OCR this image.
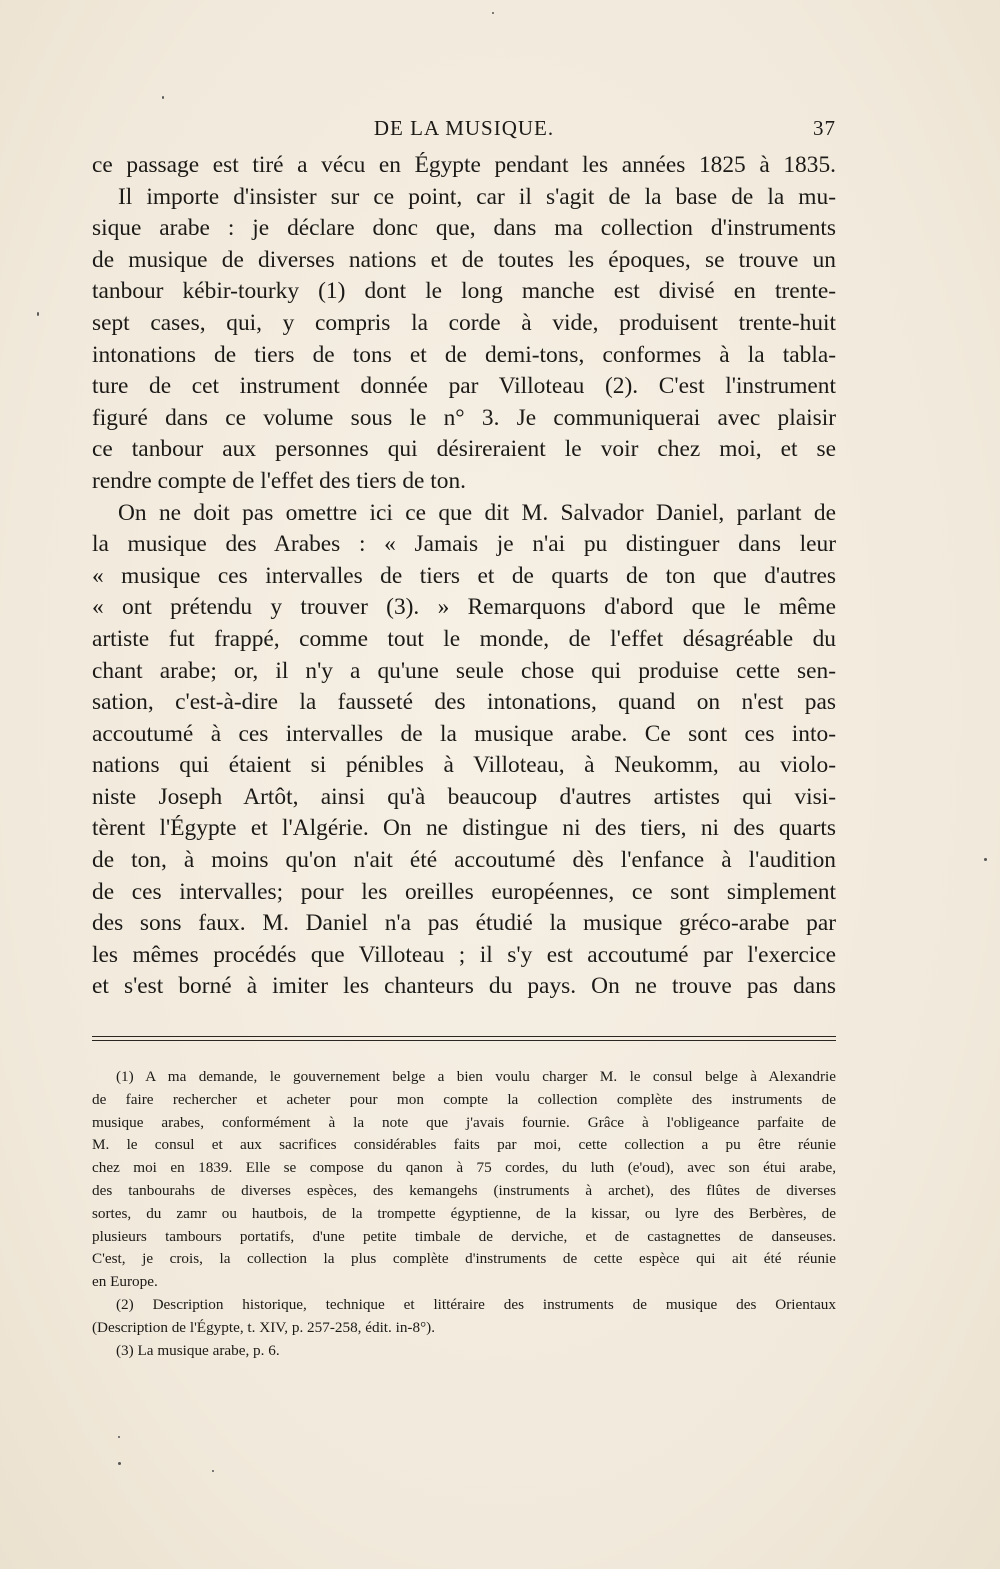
DE LA MUSIQUE.	37

ce passage est tiré a vécu en Égypte pendant les années 1825 à 1835.

Il importe d'insister sur ce point, car il s'agit de la base de la mu-

sique arabe : je déclare donc que, dans ma collection d'instruments

de musique de diverses nations et de toutes les époques, se trouve un

tanbour kébir-tourky (1) dont le long manche est divisé en trente-

sept cases, qui, y compris la corde à vide, produisent trente-huit

intonations de tiers de tons et de demi-tons, conformes à la tabla-

ture de cet instrument donnée par Villoteau (2). C'est l'instrument

figuré dans ce volume sous le n° 3. Je communiquerai avec plaisir

ce tanbour aux personnes qui désireraient le voir chez moi, et se

rendre compte de l'effet des tiers de ton.

On ne doit pas omettre ici ce que dit M. Salvador Daniel, parlant de

la musique des Arabes : « Jamais je n'ai pu distinguer dans leur

« musique ces intervalles de tiers et de quarts de ton que d'autres

« ont prétendu y trouver (3). » Remarquons d'abord que le même

artiste fut frappé, comme tout le monde, de l'effet désagréable du

chant arabe; or, il n'y a qu'une seule chose qui produise cette sen-

sation, c'est-à-dire la fausseté des intonations, quand on n'est pas

accoutumé à ces intervalles de la musique arabe. Ce sont ces into-

nations qui étaient si pénibles à Villoteau, à Neukomm, au violo-

niste Joseph Artôt, ainsi qu'à beaucoup d'autres artistes qui visi-

tèrent l'Égypte et l'Algérie. On ne distingue ni des tiers, ni des quarts

de ton, à moins qu'on n'ait été accoutumé dès l'enfance à l'audition

de ces intervalles; pour les oreilles européennes, ce sont simplement

des sons faux. M. Daniel n'a pas étudié la musique gréco-arabe par

les mêmes procédés que Villoteau ; il s'y est accoutumé par l'exercice

et s'est borné à imiter les chanteurs du pays. On ne trouve pas dans

(1) A ma demande, le gouvernement belge a bien voulu charger M. le consul belge à Alexandrie

de faire rechercher et acheter pour mon compte la collection complète des instruments de

musique arabes, conformément à la note que j'avais fournie. Grâce à l'obligeance parfaite de

M. le consul et aux sacrifices considérables faits par moi, cette collection a pu être réunie

chez moi en 1839. Elle se compose du qanon à 75 cordes, du luth (e'oud), avec son étui arabe,

des tanbourahs de diverses espèces, des kemangehs (instruments à archet), des flûtes de diverses

sortes, du zamr ou hautbois, de la trompette égyptienne, de la kissar, ou lyre des Berbères, de

plusieurs tambours portatifs, d'une petite timbale de derviche, et de castagnettes de danseuses.

C'est, je crois, la collection la plus complète d'instruments de cette espèce qui ait été réunie

en Europe.

(2) Description historique, technique et littéraire des instruments de musique des Orientaux

(Description de l'Égypte, t. XIV, p. 257-258, édit. in-8°).

(3) La musique arabe, p. 6.
